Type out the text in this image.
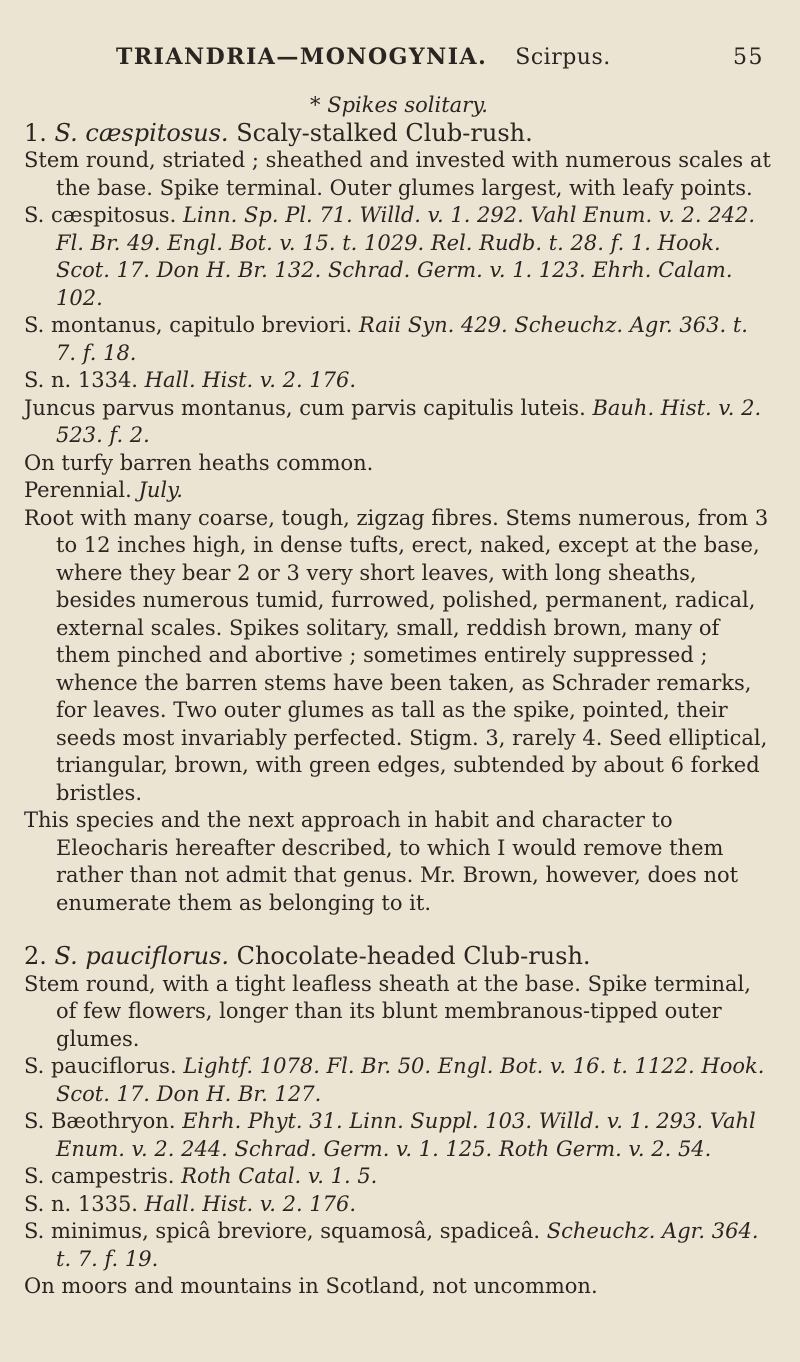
TRIANDRIA—MONOGYNIA. Scirpus.	55

* Spikes solitary.

1. S. cæspitosus. Scaly-stalked Club-rush.

Stem round, striated ; sheathed and invested with numerous scales at the base. Spike terminal. Outer glumes largest, with leafy points.

S. cæspitosus. Linn. Sp. Pl. 71. Willd. v. 1. 292. Vahl Enum. v. 2. 242. Fl. Br. 49. Engl. Bot. v. 15. t. 1029. Rel. Rudb. t. 28. f. 1. Hook. Scot. 17. Don H. Br. 132. Schrad. Germ. v. 1. 123. Ehrh. Calam. 102.

S. montanus, capitulo breviori. Raii Syn. 429. Scheuchz. Agr. 363. t. 7. f. 18.

S. n. 1334. Hall. Hist. v. 2. 176.

Juncus parvus montanus, cum parvis capitulis luteis. Bauh. Hist. v. 2. 523. f. 2.

On turfy barren heaths common.

Perennial. July.

Root with many coarse, tough, zigzag fibres. Stems numerous, from 3 to 12 inches high, in dense tufts, erect, naked, except at the base, where they bear 2 or 3 very short leaves, with long sheaths, besides numerous tumid, furrowed, polished, permanent, radical, external scales. Spikes solitary, small, reddish brown, many of them pinched and abortive ; sometimes entirely suppressed ; whence the barren stems have been taken, as Schrader remarks, for leaves. Two outer glumes as tall as the spike, pointed, their seeds most invariably perfected. Stigm. 3, rarely 4. Seed elliptical, triangular, brown, with green edges, subtended by about 6 forked bristles.

This species and the next approach in habit and character to Eleocharis hereafter described, to which I would remove them rather than not admit that genus. Mr. Brown, however, does not enumerate them as belonging to it.

2. S. pauciflorus. Chocolate-headed Club-rush.

Stem round, with a tight leafless sheath at the base. Spike terminal, of few flowers, longer than its blunt membranous-tipped outer glumes.

S. pauciflorus. Lightf. 1078. Fl. Br. 50. Engl. Bot. v. 16. t. 1122. Hook. Scot. 17. Don H. Br. 127.

S. Bæothryon. Ehrh. Phyt. 31. Linn. Suppl. 103. Willd. v. 1. 293. Vahl Enum. v. 2. 244. Schrad. Germ. v. 1. 125. Roth Germ. v. 2. 54.

S. campestris. Roth Catal. v. 1. 5.

S. n. 1335. Hall. Hist. v. 2. 176.

S. minimus, spicâ breviore, squamosâ, spadiceâ. Scheuchz. Agr. 364. t. 7. f. 19.

On moors and mountains in Scotland, not uncommon.
